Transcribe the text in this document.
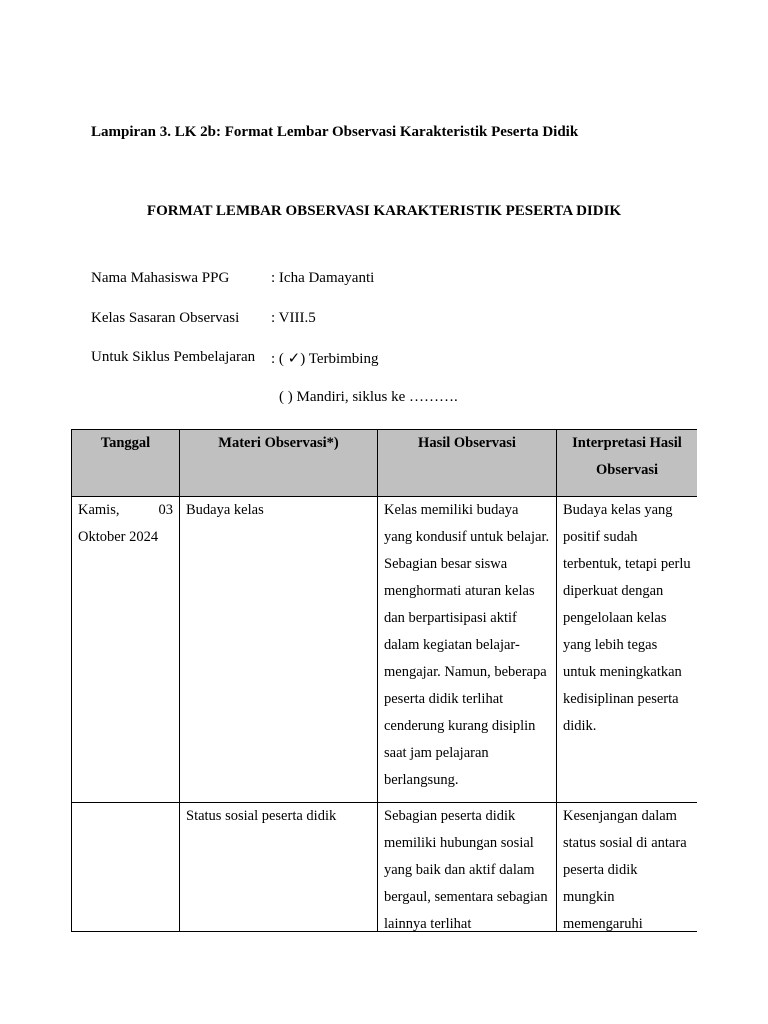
Lampiran 3. LK 2b: Format Lembar Observasi Karakteristik Peserta Didik
FORMAT LEMBAR OBSERVASI KARAKTERISTIK PESERTA DIDIK
Nama Mahasiswa PPG	: Icha Damayanti
Kelas Sasaran Observasi : VIII.5
Untuk Siklus Pembelajaran : ( ✓) Terbimbing
( ) Mandiri, siklus ke ……….
Tanggal	Materi Observasi*)	Hasil Observasi	Interpretasi Hasil Observasi

Kamis, 03
Oktober 2024	Budaya kelas	Kelas memiliki budaya yang kondusif untuk belajar. Sebagian besar siswa menghormati aturan kelas dan berpartisipasi aktif dalam kegiatan belajar-mengajar. Namun, beberapa peserta didik terlihat cenderung kurang disiplin saat jam pelajaran berlangsung.	Budaya kelas yang positif sudah terbentuk, tetapi perlu diperkuat dengan pengelolaan kelas yang lebih tegas untuk meningkatkan kedisiplinan peserta didik.

	Status sosial peserta didik	Sebagian peserta didik memiliki hubungan sosial yang baik dan aktif dalam bergaul, sementara sebagian lainnya terlihat	Kesenjangan dalam status sosial di antara peserta didik mungkin memengaruhi
